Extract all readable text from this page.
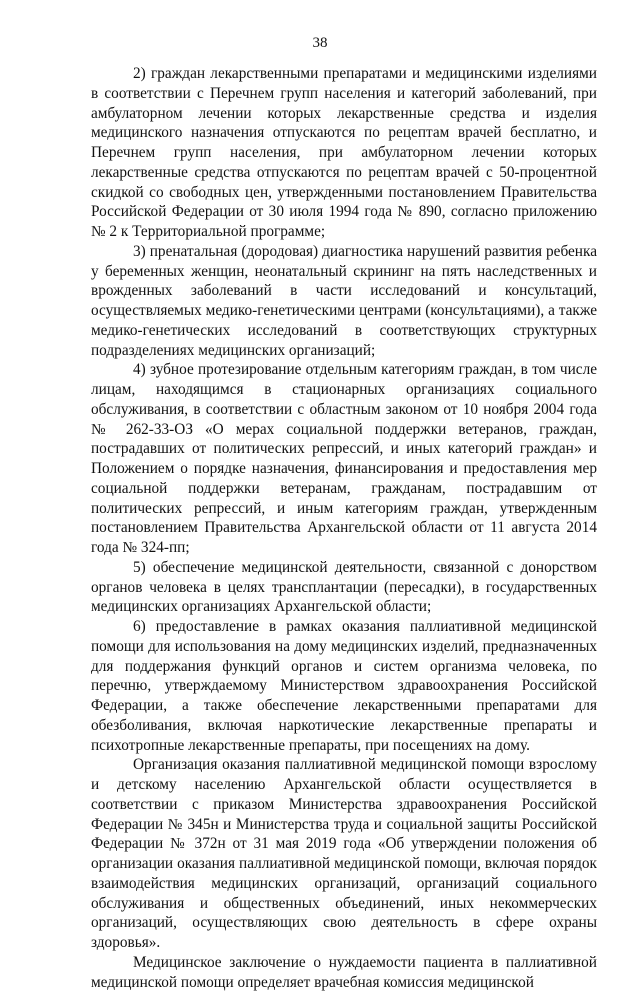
38

2) граждан лекарственными препаратами и медицинскими изделиями в соответствии с Перечнем групп населения и категорий заболеваний, при амбулаторном лечении которых лекарственные средства и изделия медицинского назначения отпускаются по рецептам врачей бесплатно, и Перечнем групп населения, при амбулаторном лечении которых лекарственные средства отпускаются по рецептам врачей с 50-процентной скидкой со свободных цен, утвержденными постановлением Правительства Российской Федерации от 30 июля 1994 года № 890, согласно приложению № 2 к Территориальной программе;

3) пренатальная (дородовая) диагностика нарушений развития ребенка у беременных женщин, неонатальный скрининг на пять наследственных и врожденных заболеваний в части исследований и консультаций, осуществляемых медико-генетическими центрами (консультациями), а также медико-генетических исследований в соответствующих структурных подразделениях медицинских организаций;

4) зубное протезирование отдельным категориям граждан, в том числе лицам, находящимся в стационарных организациях социального обслуживания, в соответствии с областным законом от 10 ноября 2004 года № 262-33-ОЗ «О мерах социальной поддержки ветеранов, граждан, пострадавших от политических репрессий, и иных категорий граждан» и Положением о порядке назначения, финансирования и предоставления мер социальной поддержки ветеранам, гражданам, пострадавшим от политических репрессий, и иным категориям граждан, утвержденным постановлением Правительства Архангельской области от 11 августа 2014 года № 324-пп;

5) обеспечение медицинской деятельности, связанной с донорством органов человека в целях трансплантации (пересадки), в государственных медицинских организациях Архангельской области;

6) предоставление в рамках оказания паллиативной медицинской помощи для использования на дому медицинских изделий, предназначенных для поддержания функций органов и систем организма человека, по перечню, утверждаемому Министерством здравоохранения Российской Федерации, а также обеспечение лекарственными препаратами для обезболивания, включая наркотические лекарственные препараты и психотропные лекарственные препараты, при посещениях на дому.

Организация оказания паллиативной медицинской помощи взрослому и детскому населению Архангельской области осуществляется в соответствии с приказом Министерства здравоохранения Российской Федерации № 345н и Министерства труда и социальной защиты Российской Федерации № 372н от 31 мая 2019 года «Об утверждении положения об организации оказания паллиативной медицинской помощи, включая порядок взаимодействия медицинских организаций, организаций социального обслуживания и общественных объединений, иных некоммерческих организаций, осуществляющих свою деятельность в сфере охраны здоровья».

Медицинское заключение о нуждаемости пациента в паллиативной медицинской помощи определяет врачебная комиссия медицинской
